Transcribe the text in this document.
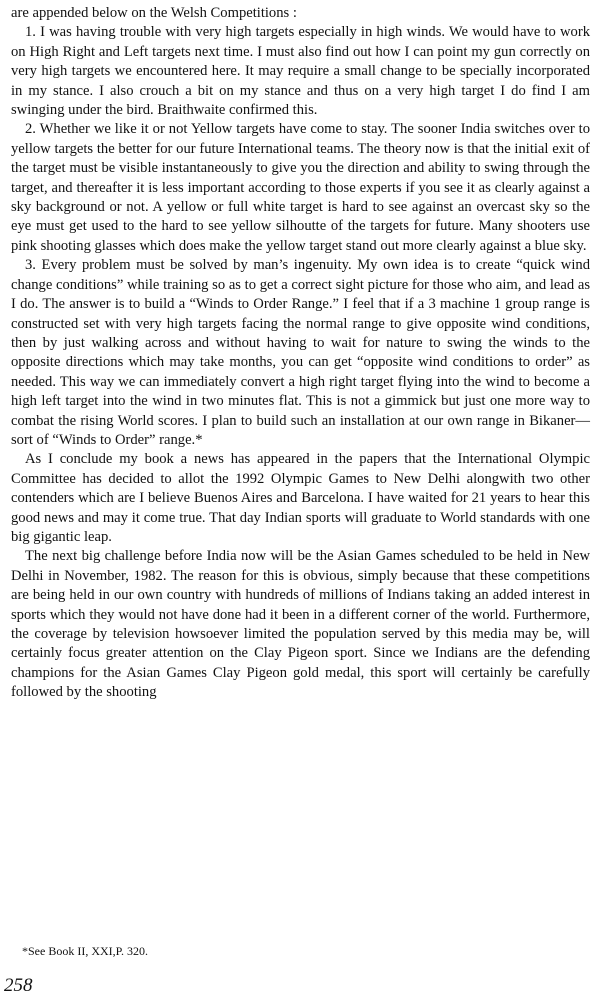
are appended below on the Welsh Competitions :

1. I was having trouble with very high targets especially in high winds. We would have to work on High Right and Left targets next time. I must also find out how I can point my gun correctly on very high targets we encountered here. It may require a small change to be specially incorporated in my stance. I also crouch a bit on my stance and thus on a very high target I do find I am swinging under the bird. Braithwaite confirmed this.

2. Whether we like it or not Yellow targets have come to stay. The sooner India switches over to yellow targets the better for our future International teams. The theory now is that the initial exit of the target must be visible instantaneously to give you the direction and ability to swing through the target, and thereafter it is less important according to those experts if you see it as clearly against a sky background or not. A yellow or full white target is hard to see against an overcast sky so the eye must get used to the hard to see yellow silhoutte of the targets for future. Many shooters use pink shooting glasses which does make the yellow target stand out more clearly against a blue sky.

3. Every problem must be solved by man’s ingenuity. My own idea is to create “quick wind change conditions” while training so as to get a correct sight picture for those who aim, and lead as I do. The answer is to build a “Winds to Order Range.” I feel that if a 3 machine 1 group range is constructed set with very high targets facing the normal range to give opposite wind conditions, then by just walking across and without having to wait for nature to swing the winds to the opposite directions which may take months, you can get “opposite wind conditions to order” as needed. This way we can immediately convert a high right target flying into the wind to become a high left target into the wind in two minutes flat. This is not a gimmick but just one more way to combat the rising World scores. I plan to build such an installation at our own range in Bikaner—sort of “Winds to Order” range.*

As I conclude my book a news has appeared in the papers that the International Olympic Committee has decided to allot the 1992 Olympic Games to New Delhi alongwith two other contenders which are I believe Buenos Aires and Barcelona. I have waited for 21 years to hear this good news and may it come true. That day Indian sports will graduate to World standards with one big gigantic leap.

The next big challenge before India now will be the Asian Games scheduled to be held in New Delhi in November, 1982. The reason for this is obvious, simply because that these competitions are being held in our own country with hundreds of millions of Indians taking an added interest in sports which they would not have done had it been in a different corner of the world. Furthermore, the coverage by television howsoever limited the population served by this media may be, will certainly focus greater attention on the Clay Pigeon sport. Since we Indians are the defending champions for the Asian Games Clay Pigeon gold medal, this sport will certainly be carefully followed by the shooting

*See Book II, XXI,P. 320.

258
